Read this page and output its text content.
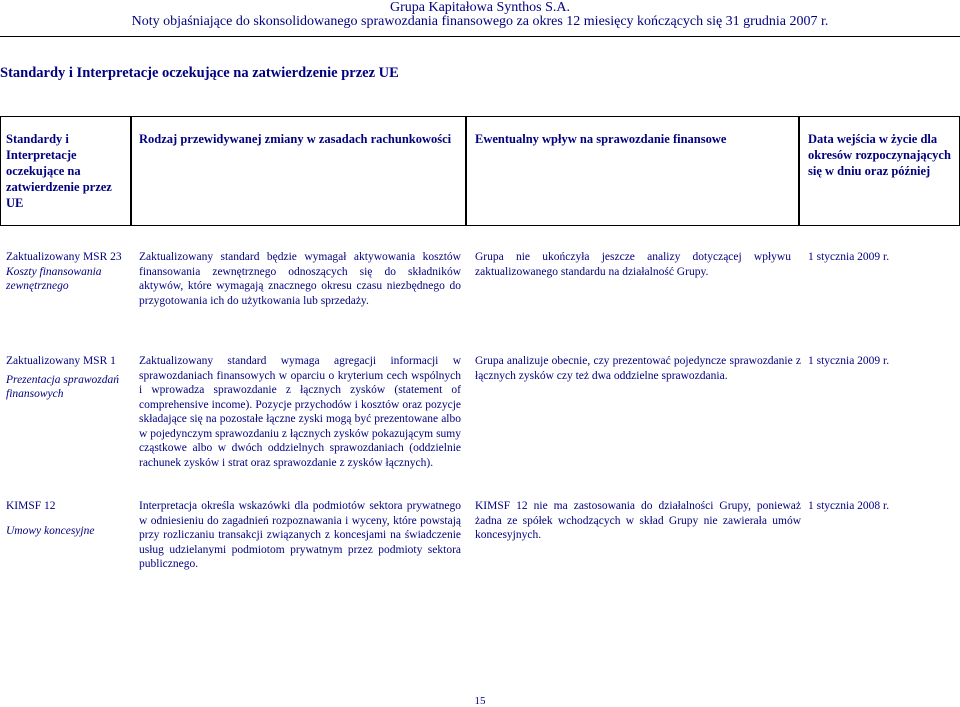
Grupa Kapitałowa Synthos S.A.
Noty objaśniające do skonsolidowanego sprawozdania finansowego za okres 12 miesięcy kończących się 31 grudnia 2007 r.
Standardy i Interpretacje oczekujące na zatwierdzenie przez UE
Standardy i Interpretacje oczekujące na zatwierdzenie przez UE
Rodzaj przewidywanej zmiany w zasadach rachunkowości	Ewentualny wpływ na sprawozdanie finansowe	Data wejścia w życie dla okresów rozpoczynających się w dniu oraz później
Zaktualizowany MSR 23
Koszty finansowania zewnętrznego
Zaktualizowany standard będzie wymagał aktywowania kosztów finansowania zewnętrznego odnoszących się do składników aktywów, które wymagają znacznego okresu czasu niezbędnego do przygotowania ich do użytkowania lub sprzedaży.
Grupa nie ukończyła jeszcze analizy dotyczącej wpływu zaktualizowanego standardu na działalność Grupy.
1 stycznia 2009 r.
Zaktualizowany MSR 1
Prezentacja sprawozdań finansowych
Zaktualizowany standard wymaga agregacji informacji w sprawozdaniach finansowych w oparciu o kryterium cech wspólnych i wprowadza sprawozdanie z łącznych zysków (statement of comprehensive income). Pozycje przychodów i kosztów oraz pozycje składające się na pozostałe łączne zyski mogą być prezentowane albo w pojedynczym sprawozdaniu z łącznych zysków pokazującym sumy cząstkowe albo w dwóch oddzielnych sprawozdaniach (oddzielnie rachunek zysków i strat oraz sprawozdanie z zysków łącznych).
Grupa analizuje obecnie, czy prezentować pojedyncze sprawozdanie z łącznych zysków czy też dwa oddzielne sprawozdania.
1 stycznia 2009 r.
KIMSF 12
Umowy koncesyjne
Interpretacja określa wskazówki dla podmiotów sektora prywatnego w odniesieniu do zagadnień rozpoznawania i wyceny, które powstają przy rozliczaniu transakcji związanych z koncesjami na świadczenie usług udzielanymi podmiotom prywatnym przez podmioty sektora publicznego.
KIMSF 12 nie ma zastosowania do działalności Grupy, ponieważ żadna ze spółek wchodzących w skład Grupy nie zawierała umów koncesyjnych.
1 stycznia 2008 r.
15
